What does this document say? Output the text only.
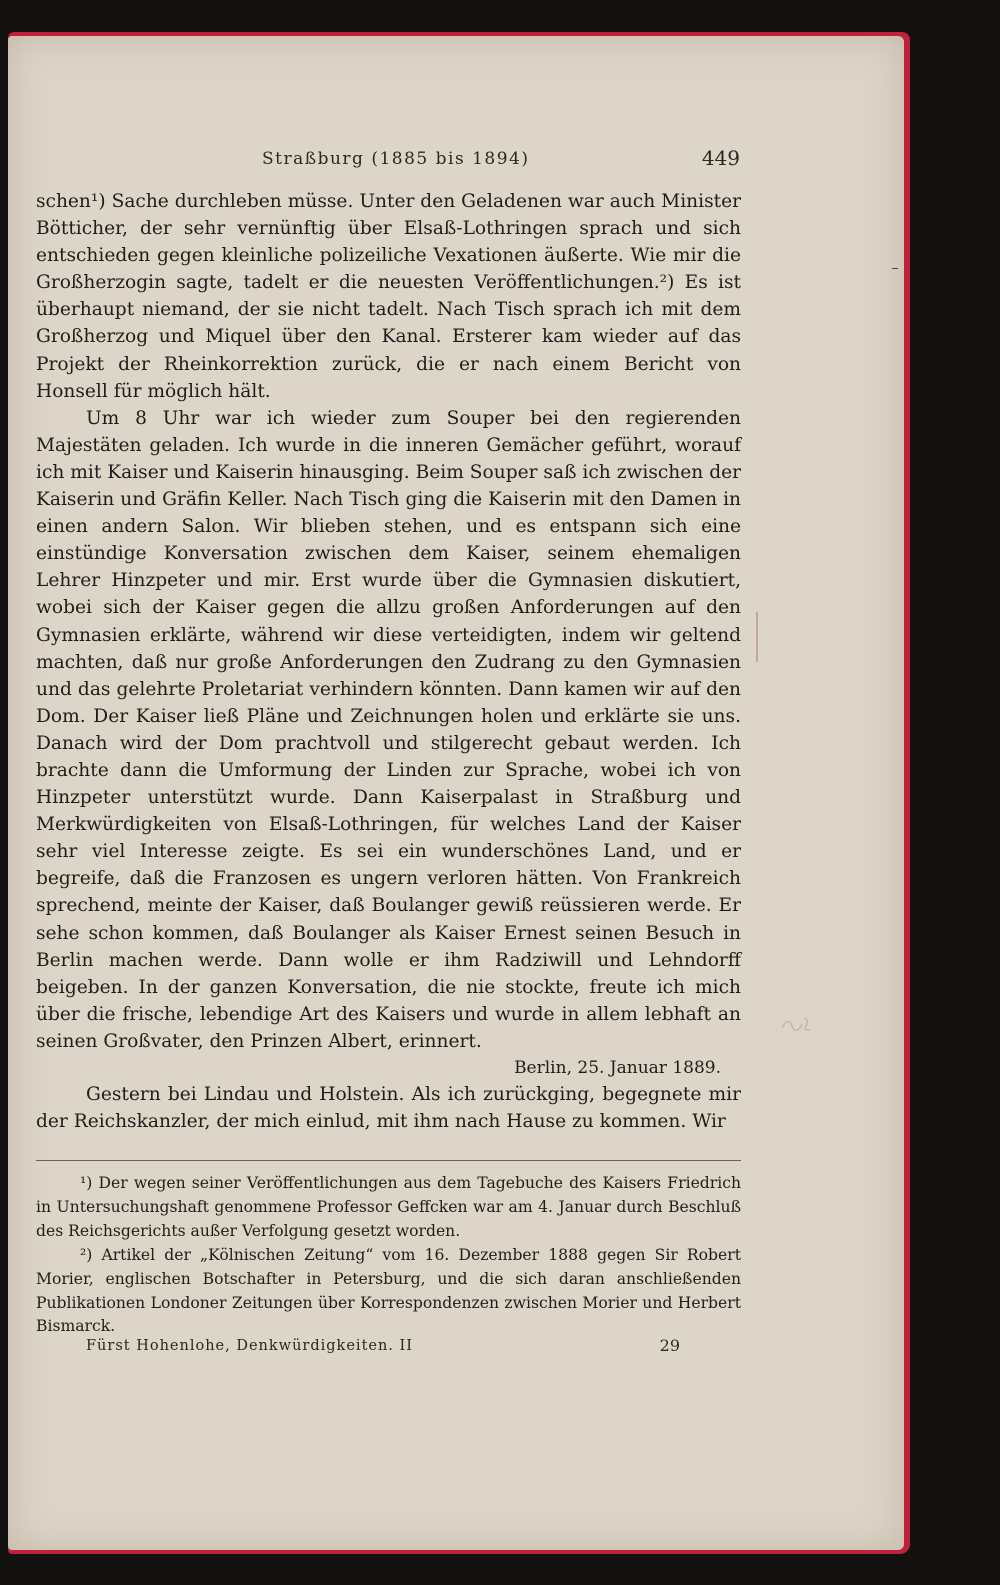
Straßburg (1885 bis 1894)	449

schen¹) Sache durchleben müsse. Unter den Geladenen war auch Minister Bötticher, der sehr vernünftig über Elsaß-Lothringen sprach und sich entschieden gegen kleinliche polizeiliche Vexationen äußerte. Wie mir die Großherzogin sagte, tadelt er die neuesten Veröffentlichungen.²) Es ist überhaupt niemand, der sie nicht tadelt. Nach Tisch sprach ich mit dem Großherzog und Miquel über den Kanal. Ersterer kam wieder auf das Projekt der Rheinkorrektion zurück, die er nach einem Bericht von Honsell für möglich hält.

Um 8 Uhr war ich wieder zum Souper bei den regierenden Majestäten geladen. Ich wurde in die inneren Gemächer geführt, worauf ich mit Kaiser und Kaiserin hinausging. Beim Souper saß ich zwischen der Kaiserin und Gräfin Keller. Nach Tisch ging die Kaiserin mit den Damen in einen andern Salon. Wir blieben stehen, und es entspann sich eine einstündige Konversation zwischen dem Kaiser, seinem ehemaligen Lehrer Hinzpeter und mir. Erst wurde über die Gymnasien diskutiert, wobei sich der Kaiser gegen die allzu großen Anforderungen auf den Gymnasien erklärte, während wir diese verteidigten, indem wir geltend machten, daß nur große Anforderungen den Zudrang zu den Gymnasien und das gelehrte Proletariat verhindern könnten. Dann kamen wir auf den Dom. Der Kaiser ließ Pläne und Zeichnungen holen und erklärte sie uns. Danach wird der Dom prachtvoll und stilgerecht gebaut werden. Ich brachte dann die Umformung der Linden zur Sprache, wobei ich von Hinzpeter unterstützt wurde. Dann Kaiserpalast in Straßburg und Merkwürdigkeiten von Elsaß-Lothringen, für welches Land der Kaiser sehr viel Interesse zeigte. Es sei ein wunderschönes Land, und er begreife, daß die Franzosen es ungern verloren hätten. Von Frankreich sprechend, meinte der Kaiser, daß Boulanger gewiß reüssieren werde. Er sehe schon kommen, daß Boulanger als Kaiser Ernest seinen Besuch in Berlin machen werde. Dann wolle er ihm Radziwill und Lehndorff beigeben. In der ganzen Konversation, die nie stockte, freute ich mich über die frische, lebendige Art des Kaisers und wurde in allem lebhaft an seinen Großvater, den Prinzen Albert, erinnert.

Berlin, 25. Januar 1889.

Gestern bei Lindau und Holstein. Als ich zurückging, begegnete mir der Reichskanzler, der mich einlud, mit ihm nach Hause zu kommen. Wir

¹) Der wegen seiner Veröffentlichungen aus dem Tagebuche des Kaisers Friedrich in Untersuchungshaft genommene Professor Geffcken war am 4. Januar durch Beschluß des Reichsgerichts außer Verfolgung gesetzt worden.

²) Artikel der „Kölnischen Zeitung“ vom 16. Dezember 1888 gegen Sir Robert Morier, englischen Botschafter in Petersburg, und die sich daran anschließenden Publikationen Londoner Zeitungen über Korrespondenzen zwischen Morier und Herbert Bismarck.

Fürst Hohenlohe, Denkwürdigkeiten. II	29
